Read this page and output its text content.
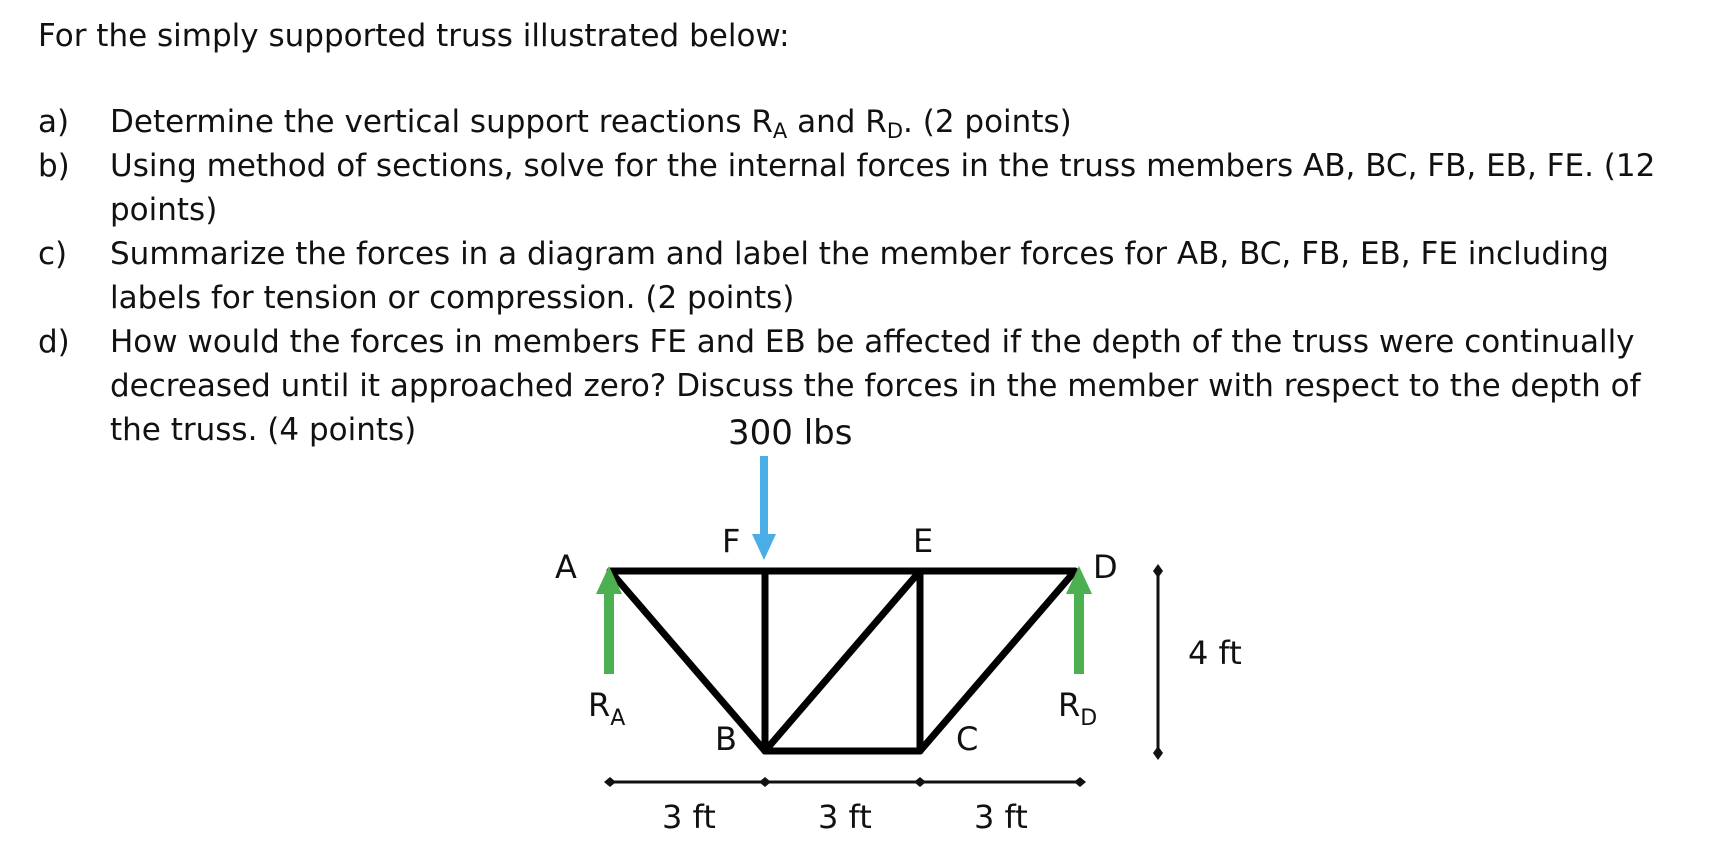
For the simply supported truss illustrated below:
a)	Determine the vertical support reactions $R_A$ and $R_D$. (2 points)
b)	Using method of sections, solve for the internal forces in the truss members AB, BC, FB, EB, FE. (12 points)
c)	Summarize the forces in a diagram and label the member forces for AB, BC, FB, EB, FE including labels for tension or compression. (2 points)
d)	How would the forces in members FE and EB be affected if the depth of the truss were continually decreased until it approached zero? Discuss the forces in the member with respect to the depth of the truss. (4 points)	300 lbs
A
F	E
D
B	C
$R_A$	$R_D$
3 ft	3 ft	3 ft
4 ft
